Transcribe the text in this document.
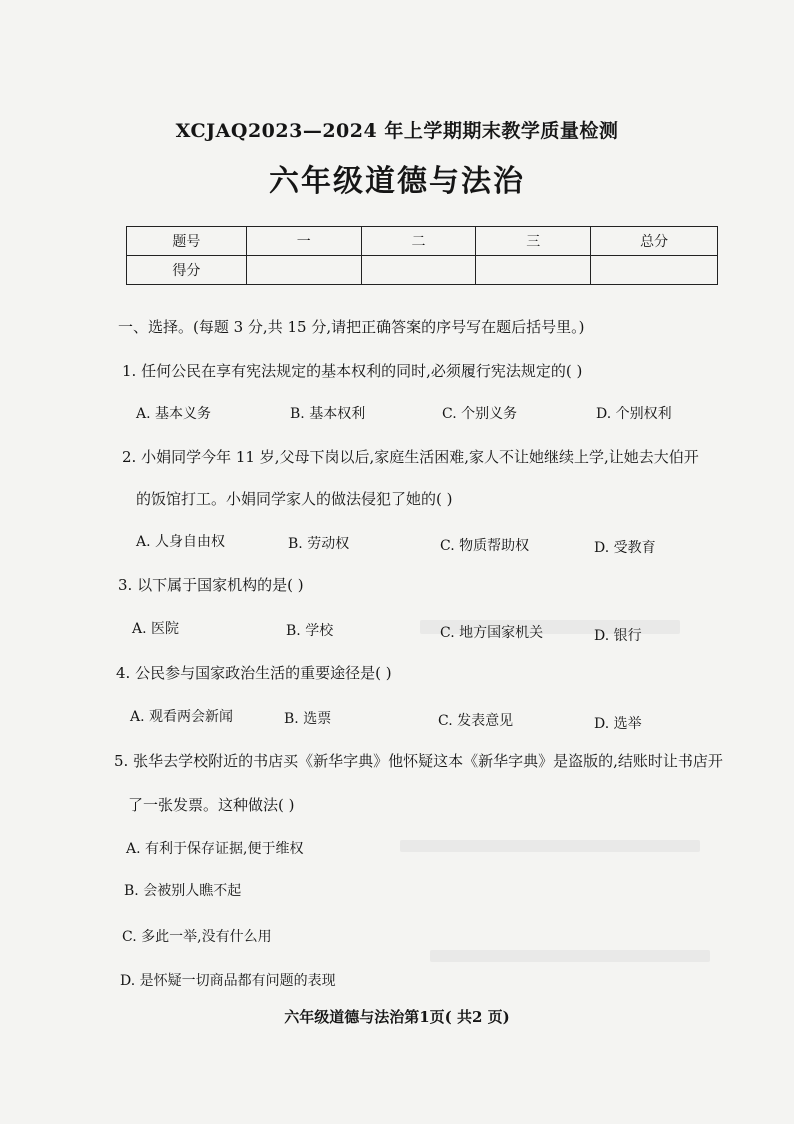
XCJAQ2023—2024 年上学期期末教学质量检测
六年级道德与法治
题号	一	二	三	总分
得分				
一、选择。(每题 3 分,共 15 分,请把正确答案的序号写在题后括号里。)
1. 任何公民在享有宪法规定的基本权利的同时,必须履行宪法规定的( )
A. 基本义务	B. 基本权利	C. 个别义务	D. 个别权利
2. 小娟同学今年 11 岁,父母下岗以后,家庭生活困难,家人不让她继续上学,让她去大伯开
的饭馆打工。小娟同学家人的做法侵犯了她的( )
A. 人身自由权	B. 劳动权	C. 物质帮助权	D. 受教育
3. 以下属于国家机构的是( )
A. 医院	B. 学校	C. 地方国家机关	D. 银行
4. 公民参与国家政治生活的重要途径是( )
A. 观看两会新闻	B. 选票	C. 发表意见	D. 选举
5. 张华去学校附近的书店买《新华字典》他怀疑这本《新华字典》是盗版的,结账时让书店开
了一张发票。这种做法( )
A. 有利于保存证据,便于维权
B. 会被别人瞧不起
C. 多此一举,没有什么用
D. 是怀疑一切商品都有问题的表现
六年级道德与法治第1页( 共2 页)
